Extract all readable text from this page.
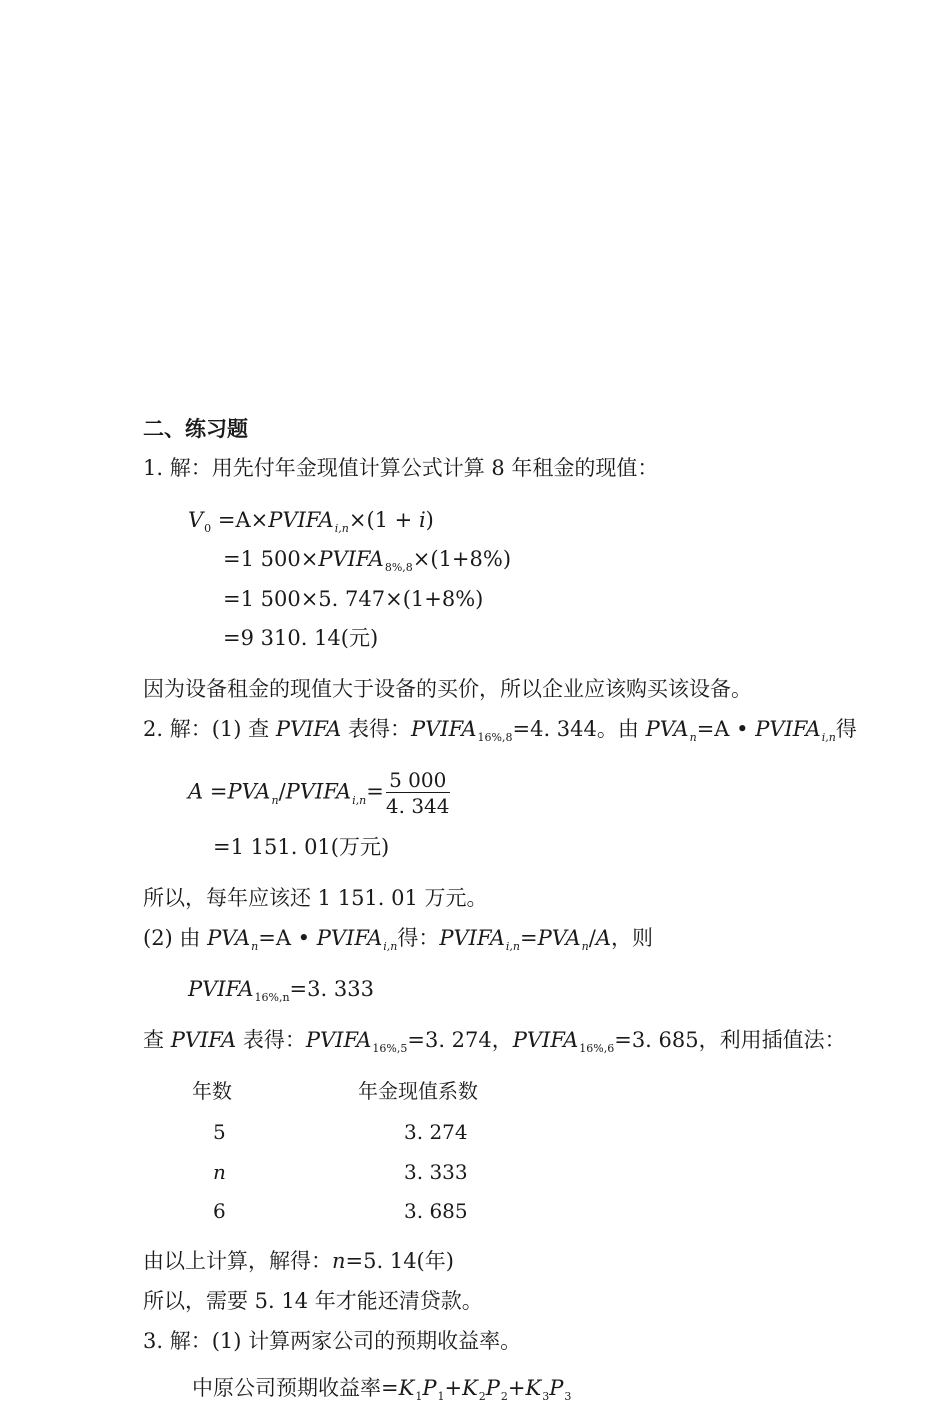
二、练习题
1. 解：用先付年金现值计算公式计算 8 年租金的现值：
$V_0$ $=A\times PVIFA_{i,n}\times(1 + i)$
=1 $500\times PVIFA_{8\%,8}\times(1+8\%)$
=1 500×5. 747×(1+8%)
=9 310. 14(元)
因为设备租金的现值大于设备的买价，所以企业应该购买该设备。
2. 解：(1) 查 PVIFA 表得：$PVIFA_{16\%,8}=4$. 344。由 $PVA_n=A$ • $PVIFA_{i,n}$得
$A =PVA_n/PVIFA_{i,n}= \frac{5 000}{4. 344}$
=1 151. 01(万元)
所以，每年应该还 1 151. 01 万元。
(2) 由 $PVA_n=A$ • $PVIFA_{i,n}$得：$PVIFA_{i,n}=PVA_n/A$，则
$PVIFA_{16\%,n}=3$. 333
查 PVIFA 表得：$PVIFA_{16\%,5}=3$. 274，$PVIFA_{16\%,6}=3$. 685，利用插值法：
年数	年金现值系数
5	3. 274
n	3. 333
6	3. 685
由以上计算，解得：n=5. 14(年)
所以，需要 5. 14 年才能还清贷款。
3. 解：(1) 计算两家公司的预期收益率。
中原公司预期收益率$=K_1P_1+K_2P_2+K_3P_3$
